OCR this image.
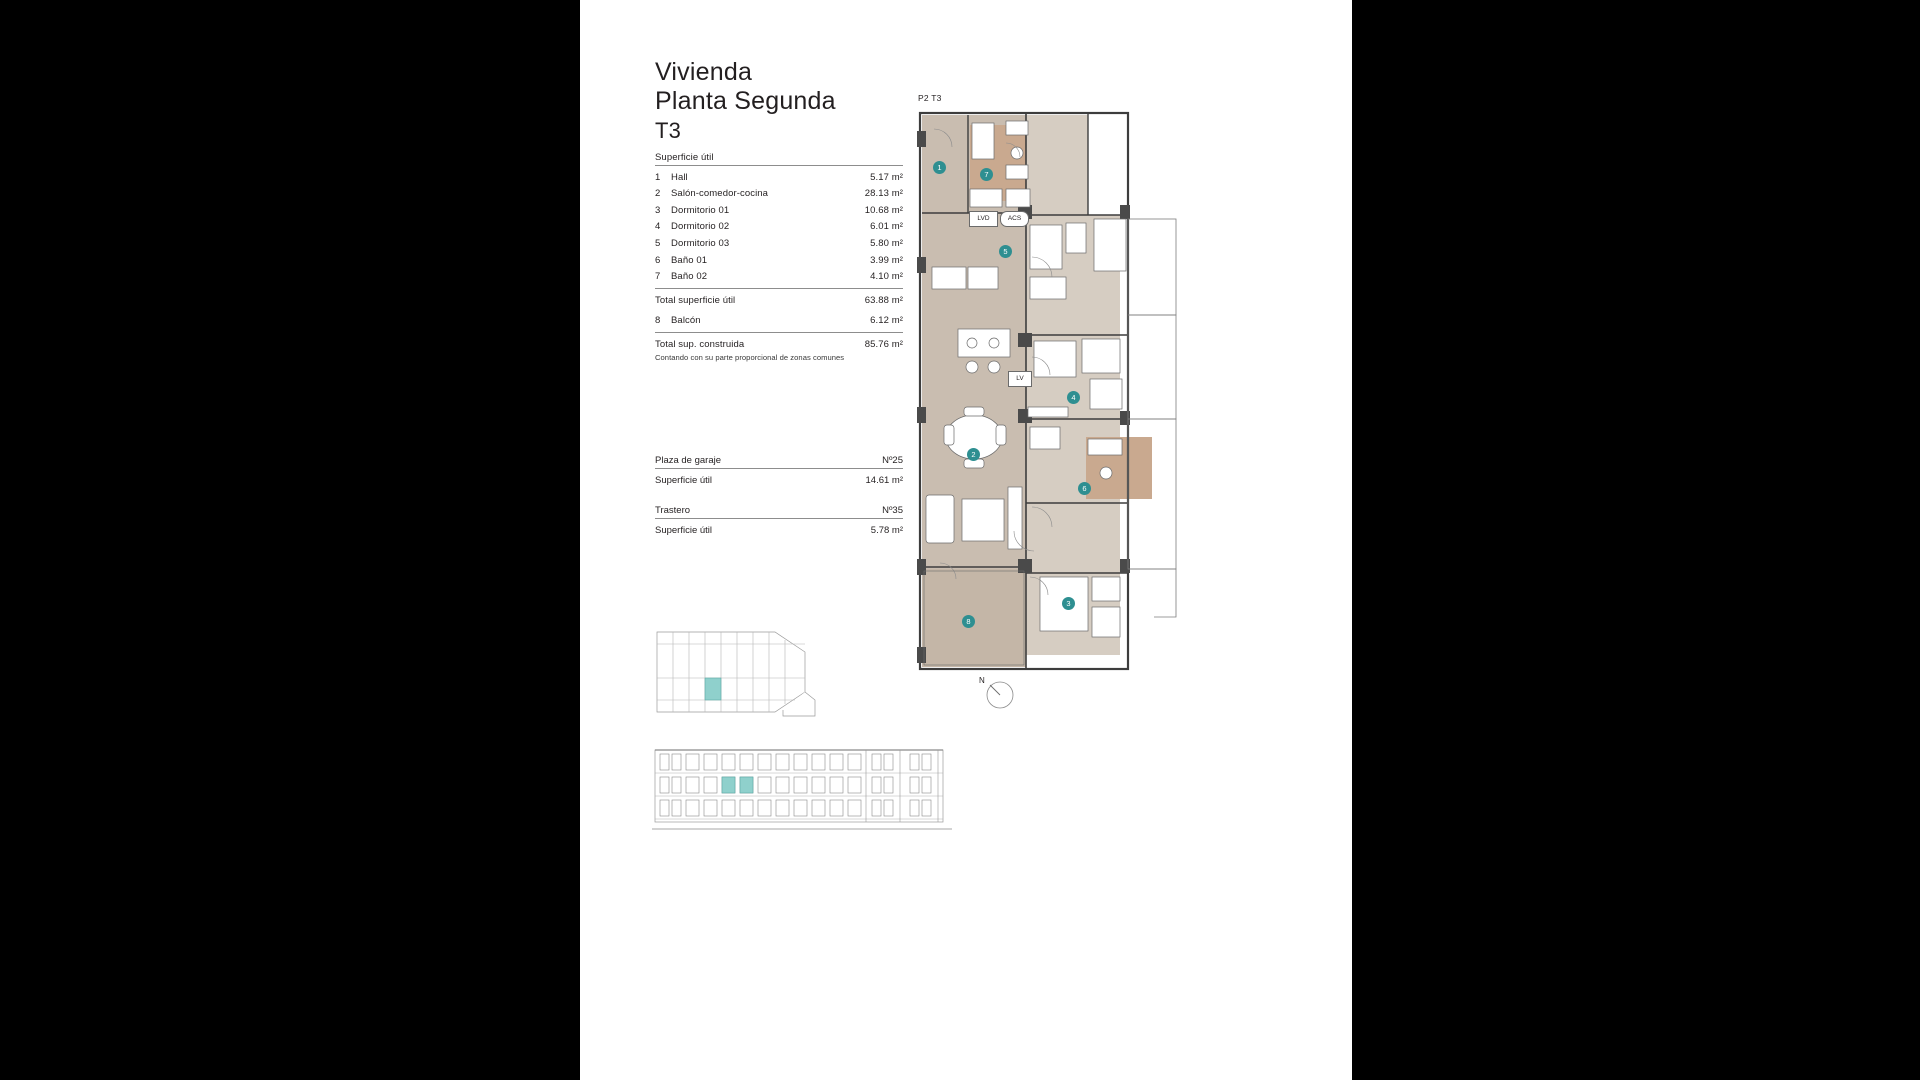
Vivienda
Planta Segunda
T3
Superficie útil
1	Hall	5.17 m²
2	Salón-comedor-cocina	28.13 m²
3	Dormitorio 01	10.68 m²
4	Dormitorio 02	6.01 m²
5	Dormitorio 03	5.80 m²
6	Baño 01	3.99 m²
7	Baño 02	4.10 m²
Total superficie útil	63.88 m²
8	Balcón	6.12 m²
Total sup. construida	85.76 m²
Contando con su parte proporcional de zonas comunes
Plaza de garaje	Nº25
Superficie útil	14.61 m²
Trastero	Nº35
Superficie útil	5.78 m²
P2 T3
LVD	ACS
LV
1
7
5
4
2
6
3
8
N
